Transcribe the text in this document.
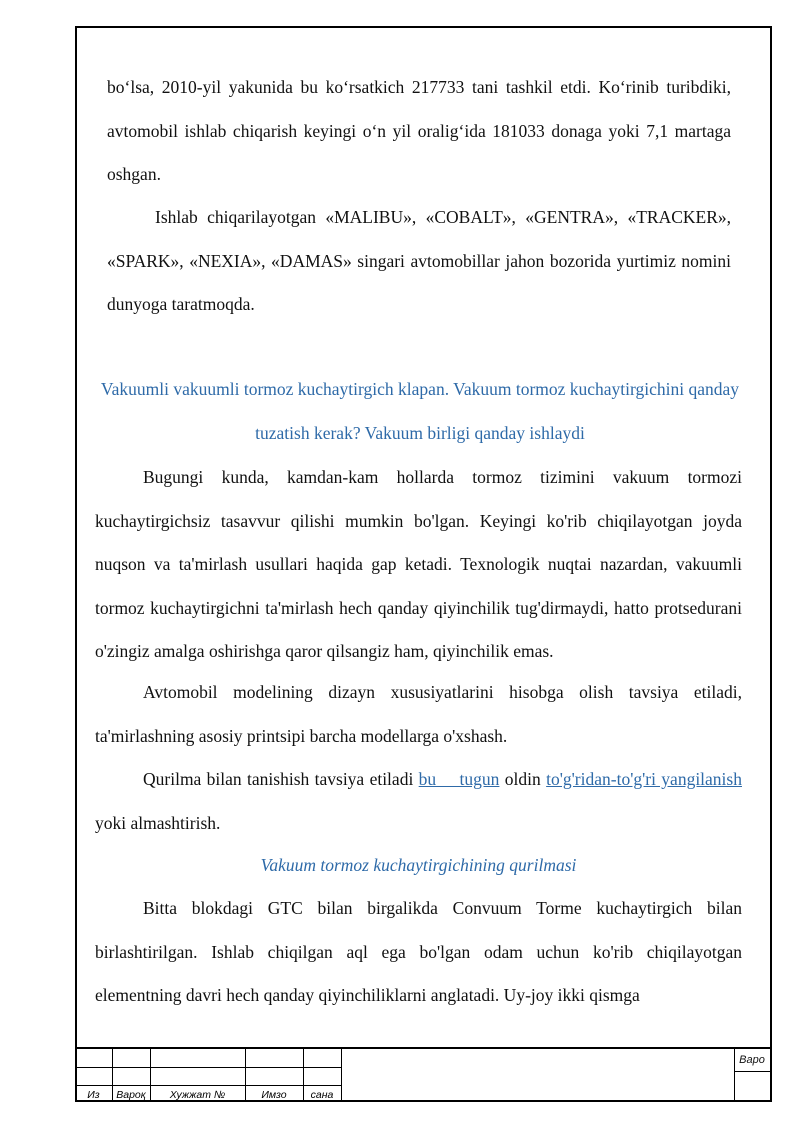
bo‘lsa, 2010-yil yakunida bu ko‘rsatkich 217733 tani tashkil etdi. Ko‘rinib turibdiki, avtomobil ishlab chiqarish keyingi o‘n yil oralig‘ida 181033 donaga yoki 7,1 martaga oshgan.

Ishlab chiqarilayotgan «MALIBU», «COBALT», «GENTRA», «TRACKER», «SPARK», «NEXIA», «DAMAS» singari avtomobillar jahon bozorida yurtimiz nomini dunyoga taratmoqda.

Vakuumli vakuumli tormoz kuchaytirgich klapan. Vakuum tormoz kuchaytirgichini qanday tuzatish kerak? Vakuum birligi qanday ishlaydi

Bugungi kunda, kamdan-kam hollarda tormoz tizimini vakuum tormozi kuchaytirgichsiz tasavvur qilishi mumkin bo'lgan. Keyingi ko'rib chiqilayotgan joyda nuqson va ta'mirlash usullari haqida gap ketadi. Texnologik nuqtai nazardan, vakuumli tormoz kuchaytirgichni ta'mirlash hech qanday qiyinchilik tug'dirmaydi, hatto protsedurani o'zingiz amalga oshirishga qaror qilsangiz ham, qiyinchilik emas.

Avtomobil modelining dizayn xususiyatlarini hisobga olish tavsiya etiladi, ta'mirlashning asosiy printsipi barcha modellarga o'xshash.

Qurilma bilan tanishish tavsiya etiladi bu tugun oldin to'g'ridan-to'g'ri yangilanish yoki almashtirish.

Vakuum tormoz kuchaytirgichining qurilmasi

Bitta blokdagi GTC bilan birgalikda Convuum Torme kuchaytirgich bilan birlashtirilgan. Ishlab chiqilgan aql ega bo'lgan odam uchun ko'rib chiqilayotgan elementning davri hech qanday qiyinchiliklarni anglatadi. Uy-joy ikki qismga

Из	Вароқ	Хужжат №	Имзо	сана
Варо
